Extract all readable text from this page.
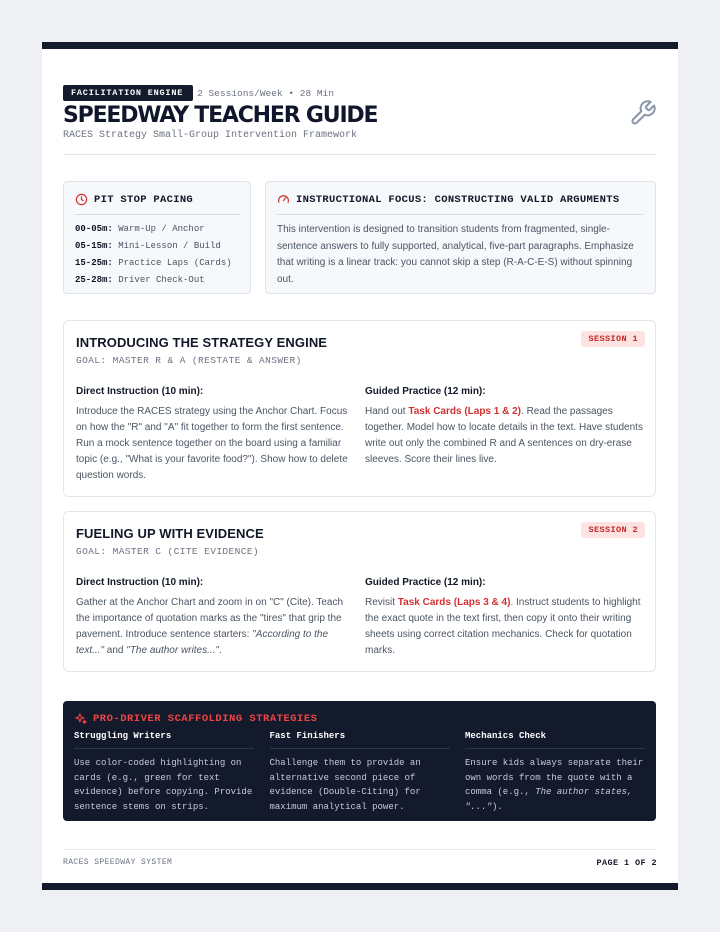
FACILITATION ENGINE	2 Sessions/Week • 28 Min
SPEEDWAY TEACHER GUIDE
RACES Strategy Small-Group Intervention Framework
PIT STOP PACING
00-05m: Warm-Up / Anchor
05-15m: Mini-Lesson / Build
15-25m: Practice Laps (Cards)
25-28m: Driver Check-Out
INSTRUCTIONAL FOCUS: CONSTRUCTING VALID ARGUMENTS
This intervention is designed to transition students from fragmented, single-sentence answers to fully supported, analytical, five-part paragraphs. Emphasize that writing is a linear track: you cannot skip a step (R-A-C-E-S) without spinning out.
INTRODUCING THE STRATEGY ENGINE
GOAL: MASTER R & A (RESTATE & ANSWER)
SESSION 1
Direct Instruction (10 min):
Introduce the RACES strategy using the Anchor Chart. Focus on how the "R" and "A" fit together to form the first sentence. Run a mock sentence together on the board using a familiar topic (e.g., "What is your favorite food?"). Show how to delete question words.
Guided Practice (12 min):
Hand out Task Cards (Laps 1 & 2). Read the passages together. Model how to locate details in the text. Have students write out only the combined R and A sentences on dry-erase sleeves. Score their lines live.
FUELING UP WITH EVIDENCE
GOAL: MASTER C (CITE EVIDENCE)
SESSION 2
Direct Instruction (10 min):
Gather at the Anchor Chart and zoom in on "C" (Cite). Teach the importance of quotation marks as the "tires" that grip the pavement. Introduce sentence starters: "According to the text..." and "The author writes...".
Guided Practice (12 min):
Revisit Task Cards (Laps 3 & 4). Instruct students to highlight the exact quote in the text first, then copy it onto their writing sheets using correct citation mechanics. Check for quotation marks.
PRO-DRIVER SCAFFOLDING STRATEGIES
Struggling Writers
Use color-coded highlighting on cards (e.g., green for text evidence) before copying. Provide sentence stems on strips.
Fast Finishers
Challenge them to provide an alternative second piece of evidence (Double-Citing) for maximum analytical power.
Mechanics Check
Ensure kids always separate their own words from the quote with a comma (e.g., The author states, "...").
RACES SPEEDWAY SYSTEM	PAGE 1 OF 2
